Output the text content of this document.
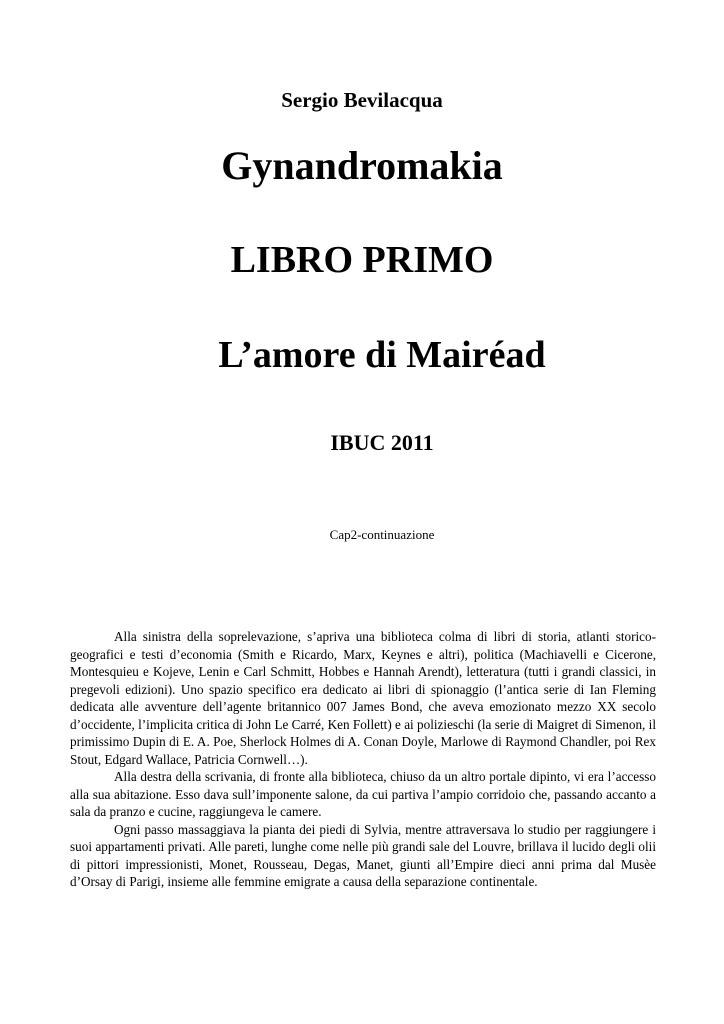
Sergio Bevilacqua
Gynandromakia
LIBRO PRIMO
L’amore di Mairéad
IBUC 2011
Cap2-continuazione

Alla sinistra della soprelevazione, s’apriva una biblioteca colma di libri di storia, atlanti storico-geografici e testi d’economia (Smith e Ricardo, Marx, Keynes e altri), politica (Machiavelli e Cicerone, Montesquieu e Kojeve, Lenin e Carl Schmitt, Hobbes e Hannah Arendt), letteratura (tutti i grandi classici, in pregevoli edizioni). Uno spazio specifico era dedicato ai libri di spionaggio (l’antica serie di Ian Fleming dedicata alle avventure dell’agente britannico 007 James Bond, che aveva emozionato mezzo XX secolo d’occidente, l’implicita critica di John Le Carré, Ken Follett) e ai polizieschi (la serie di Maigret di Simenon, il primissimo Dupin di E. A. Poe, Sherlock Holmes di A. Conan Doyle, Marlowe di Raymond Chandler, poi Rex Stout, Edgard Wallace, Patricia Cornwell…).

Alla destra della scrivania, di fronte alla biblioteca, chiuso da un altro portale dipinto, vi era l’accesso alla sua abitazione. Esso dava sull’imponente salone, da cui partiva l’ampio corridoio che, passando accanto a sala da pranzo e cucine, raggiungeva le camere.

Ogni passo massaggiava la pianta dei piedi di Sylvia, mentre attraversava lo studio per raggiungere i suoi appartamenti privati. Alle pareti, lunghe come nelle più grandi sale del Louvre, brillava il lucido degli olii di pittori impressionisti, Monet, Rousseau, Degas, Manet, giunti all’Empire dieci anni prima dal Musèe d’Orsay di Parigi, insieme alle femmine emigrate a causa della separazione continentale.
